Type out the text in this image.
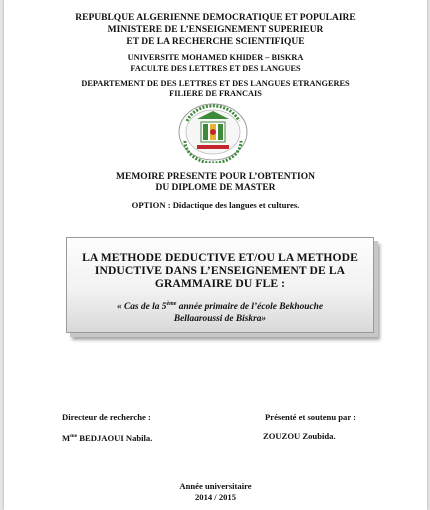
REPUBLQUE ALGERIENNE DEMOCRATIQUE ET POPULAIRE
MINISTERE DE L’ENSEIGNEMENT SUPERIEUR
ET DE LA RECHERCHE SCIENTIFIQUE
UNIVERSITE MOHAMED KHIDER – BISKRA
FACULTE DES LETTRES ET DES LANGUES
DEPARTEMENT DE DES LETTRES ET DES LANGUES ETRANGERES
FILIERE DE FRANCAIS
MEMOIRE PRESENTE POUR L’OBTENTION
DU DIPLOME DE MASTER
OPTION : Didactique des langues et cultures.
LA METHODE DEDUCTIVE ET/OU LA METHODE
INDUCTIVE DANS L’ENSEIGNEMENT DE LA
GRAMMAIRE DU FLE :
« Cas de la 5ème année primaire de l’école Bekhouche
Bellaaroussi de Biskra»
Directeur de recherche :
$M^{me}$ BEDJAOUI Nabila.
Présenté et soutenu par :
ZOUZOU Zoubida.
Année universitaire
2014 / 2015
